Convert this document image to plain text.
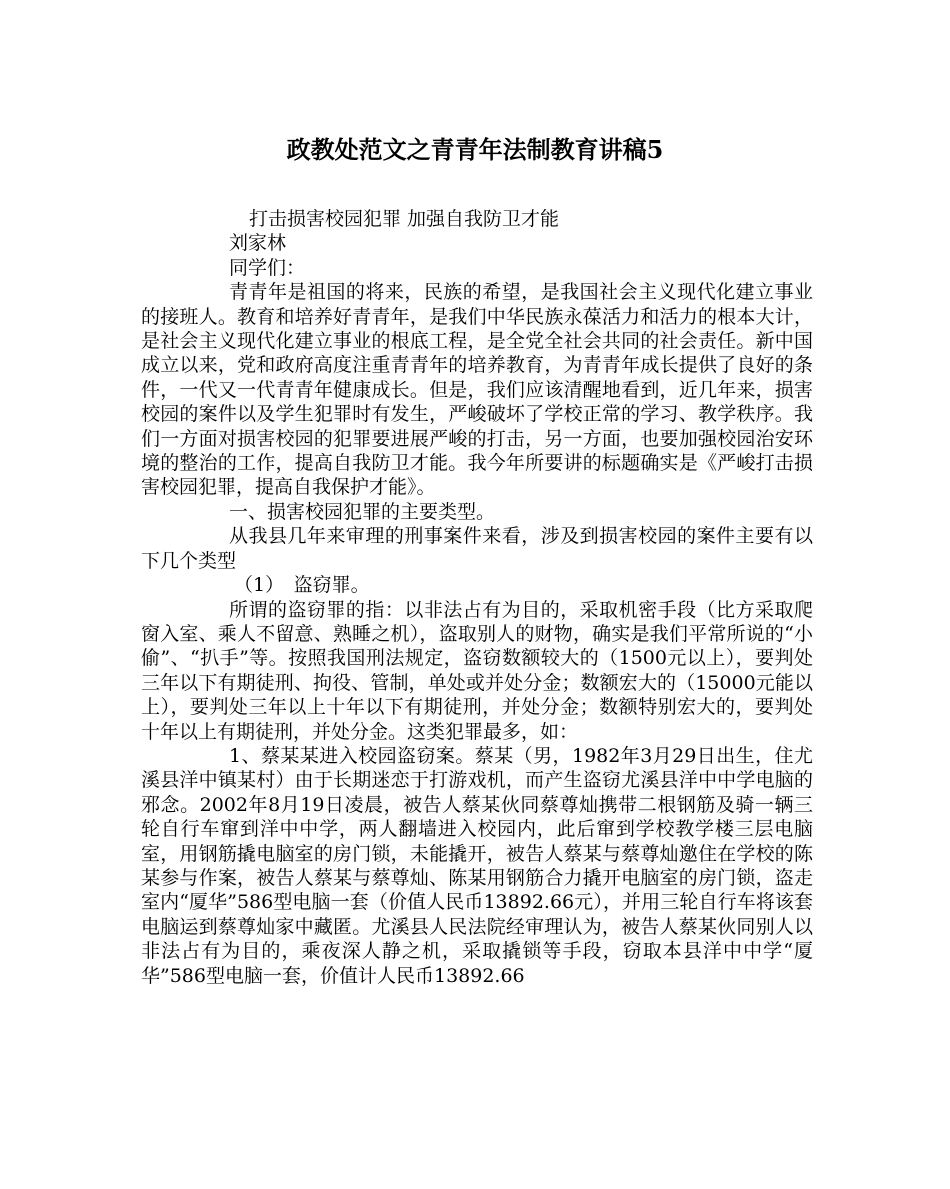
政教处范文之青青年法制教育讲稿5

打击损害校园犯罪 加强自我防卫才能

刘家林

同学们：

青青年是祖国的将来，民族的希望，是我国社会主义现代化建立事业的接班人。教育和培养好青青年，是我们中华民族永葆活力和活力的根本大计，是社会主义现代化建立事业的根底工程，是全党全社会共同的社会责任。新中国成立以来，党和政府高度注重青青年的培养教育，为青青年成长提供了良好的条件，一代又一代青青年健康成长。但是，我们应该清醒地看到，近几年来，损害校园的案件以及学生犯罪时有发生，严峻破坏了学校正常的学习、教学秩序。我们一方面对损害校园的犯罪要进展严峻的打击，另一方面，也要加强校园治安环境的整治的工作，提高自我防卫才能。我今年所要讲的标题确实是《严峻打击损害校园犯罪，提高自我保护才能》。

一、损害校园犯罪的主要类型。

从我县几年来审理的刑事案件来看，涉及到损害校园的案件主要有以下几个类型

（1）　盗窃罪。

所谓的盗窃罪的指：以非法占有为目的，采取机密手段（比方采取爬窗入室、乘人不留意、熟睡之机），盗取别人的财物，确实是我们平常所说的“小偷”、“扒手”等。按照我国刑法规定，盗窃数额较大的（1500元以上），要判处三年以下有期徒刑、拘役、管制，单处或并处分金；数额宏大的（15000元能以上），要判处三年以上十年以下有期徒刑，并处分金；数额特别宏大的，要判处十年以上有期徒刑，并处分金。这类犯罪最多，如：

1、蔡某某进入校园盗窃案。蔡某（男，1982年3月29日出生，住尤溪县洋中镇某村）由于长期迷恋于打游戏机，而产生盗窃尤溪县洋中中学电脑的邪念。2002年8月19日凌晨，被告人蔡某伙同蔡尊灿携带二根钢筋及骑一辆三轮自行车窜到洋中中学，两人翻墙进入校园内，此后窜到学校教学楼三层电脑室，用钢筋撬电脑室的房门锁，未能撬开，被告人蔡某与蔡尊灿邀住在学校的陈某参与作案，被告人蔡某与蔡尊灿、陈某用钢筋合力撬开电脑室的房门锁，盗走室内“厦华”586型电脑一套（价值人民币13892.66元），并用三轮自行车将该套电脑运到蔡尊灿家中藏匿。尤溪县人民法院经审理认为，被告人蔡某伙同别人以非法占有为目的，乘夜深人静之机，采取撬锁等手段，窃取本县洋中中学“厦华”586型电脑一套，价值计人民币13892.66
